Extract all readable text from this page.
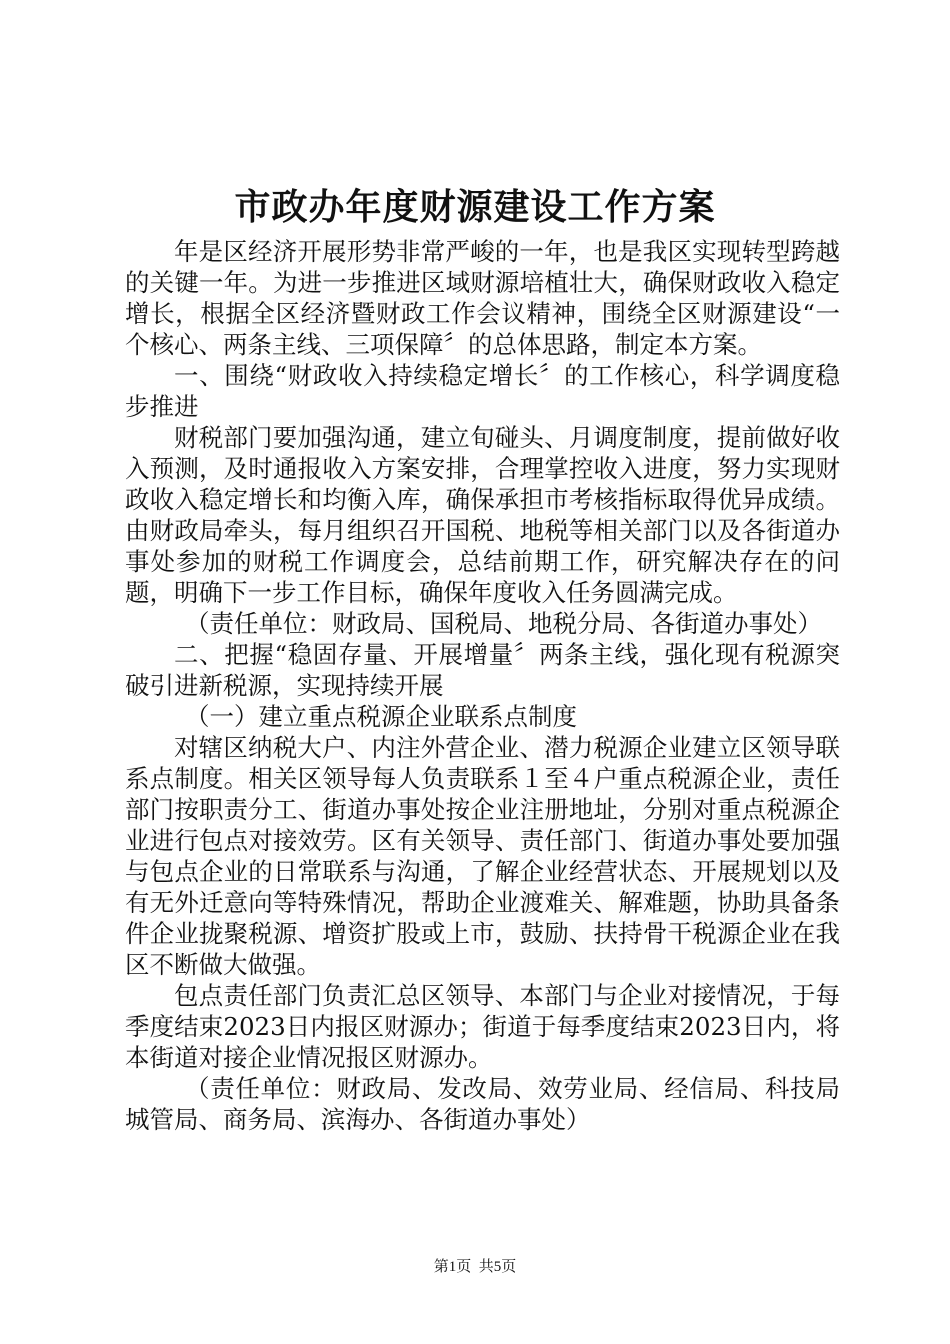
市政办年度财源建设工作方案

年是区经济开展形势非常严峻的一年，也是我区实现转型跨越的关键一年。为进一步推进区域财源培植壮大，确保财政收入稳定增长，根据全区经济暨财政工作会议精神，围绕全区财源建设“一个核心、两条主线、三项保障〞的总体思路，制定本方案。

一、围绕“财政收入持续稳定增长〞的工作核心，科学调度稳步推进

财税部门要加强沟通，建立旬碰头、月调度制度，提前做好收入预测，及时通报收入方案安排，合理掌控收入进度，努力实现财政收入稳定增长和均衡入库，确保承担市考核指标取得优异成绩。由财政局牵头，每月组织召开国税、地税等相关部门以及各街道办事处参加的财税工作调度会，总结前期工作，研究解决存在的问题，明确下一步工作目标，确保年度收入任务圆满完成。

（责任单位：财政局、国税局、地税分局、各街道办事处）

二、把握“稳固存量、开展增量〞两条主线，强化现有税源突破引进新税源，实现持续开展

（一）建立重点税源企业联系点制度

对辖区纳税大户、内注外营企业、潜力税源企业建立区领导联系点制度。相关区领导每人负责联系１至４户重点税源企业，责任部门按职责分工、街道办事处按企业注册地址，分别对重点税源企业进行包点对接效劳。区有关领导、责任部门、街道办事处要加强与包点企业的日常联系与沟通，了解企业经营状态、开展规划以及有无外迁意向等特殊情况，帮助企业渡难关、解难题，协助具备条件企业拢聚税源、增资扩股或上市，鼓励、扶持骨干税源企业在我区不断做大做强。

包点责任部门负责汇总区领导、本部门与企业对接情况，于每季度结束2023日内报区财源办；街道于每季度结束2023日内，将本街道对接企业情况报区财源办。

（责任单位：财政局、发改局、效劳业局、经信局、科技局城管局、商务局、滨海办、各街道办事处）

第1页  共5页
